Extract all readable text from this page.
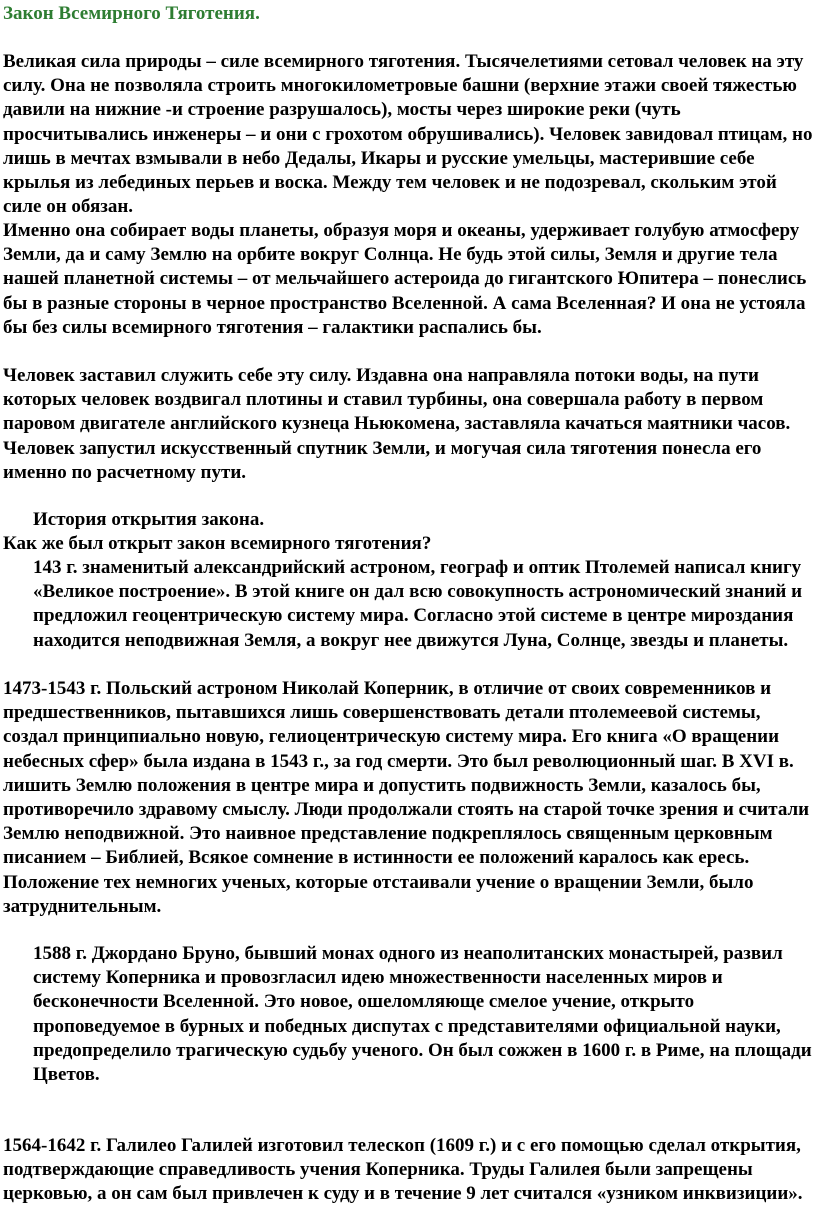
Закон Всемирного Тяготения.

Великая сила природы – силе всемирного тяготения. Тысячелетиями сетовал человек на эту силу. Она не позволяла строить многокилометровые башни (верхние этажи своей тяжестью давили на нижние -и строение разрушалось), мосты через широкие реки (чуть просчитывались инженеры – и они с грохотом обрушивались). Человек завидовал птицам, но лишь в мечтах взмывали в небо Дедалы, Икары и русские умельцы, мастерившие себе крылья из лебединых перьев и воска. Между тем человек и не подозревал, скольким этой силе он обязан.

Именно она собирает воды планеты, образуя моря и океаны, удерживает голубую атмосферу Земли, да и саму Землю на орбите вокруг Солнца. Не будь этой силы, Земля и другие тела нашей планетной системы – от мельчайшего астероида до гигантского Юпитера – понеслись бы в разные стороны в черное пространство Вселенной. А сама Вселенная? И она не устояла бы без силы всемирного тяготения – галактики распались бы.

Человек заставил служить себе эту силу. Издавна она направляла потоки воды, на пути которых человек воздвигал плотины и ставил турбины, она совершала работу в первом паровом двигателе английского кузнеца Ньюкомена, заставляла качаться маятники часов. Человек запустил искусственный спутник Земли, и могучая сила тяготения понесла его именно по расчетному пути.

История открытия закона.

Как же был открыт закон всемирного тяготения?

143 г. знаменитый александрийский астроном, географ и оптик Птолемей написал книгу «Великое построение». В этой книге он дал всю совокупность астрономический знаний и предложил геоцентрическую систему мира. Согласно этой системе в центре мироздания находится неподвижная Земля, а вокруг нее движутся Луна, Солнце, звезды и планеты.

1473-1543 г. Польский астроном Николай Коперник, в отличие от своих современников и предшественников, пытавшихся лишь совершенствовать детали птолемеевой системы, создал принципиально новую, гелиоцентрическую систему мира. Его книга «О вращении небесных сфер» была издана в 1543 г., за год смерти. Это был революционный шаг. В XVI в. лишить Землю положения в центре мира и допустить подвижность Земли, казалось бы, противоречило здравому смыслу. Люди продолжали стоять на старой точке зрения и считали Землю неподвижной. Это наивное представление подкреплялось священным церковным писанием – Библией, Всякое сомнение в истинности ее положений каралось как ересь. Положение тех немногих ученых, которые отстаивали учение о вращении Земли, было затруднительным.

1588 г. Джордано Бруно, бывший монах одного из неаполитанских монастырей, развил систему Коперника и провозгласил идею множественности населенных миров и бесконечности Вселенной. Это новое, ошеломляюще смелое учение, открыто проповедуемое в бурных и победных диспутах с представителями официальной науки, предопределило трагическую судьбу ученого. Он был сожжен в 1600 г. в Риме, на площади Цветов.

1564-1642 г. Галилео Галилей изготовил телескоп (1609 г.) и с его помощью сделал открытия, подтверждающие справедливость учения Коперника. Труды Галилея были запрещены церковью, а он сам был привлечен к суду и в течение 9 лет считался «узником инквизиции».
